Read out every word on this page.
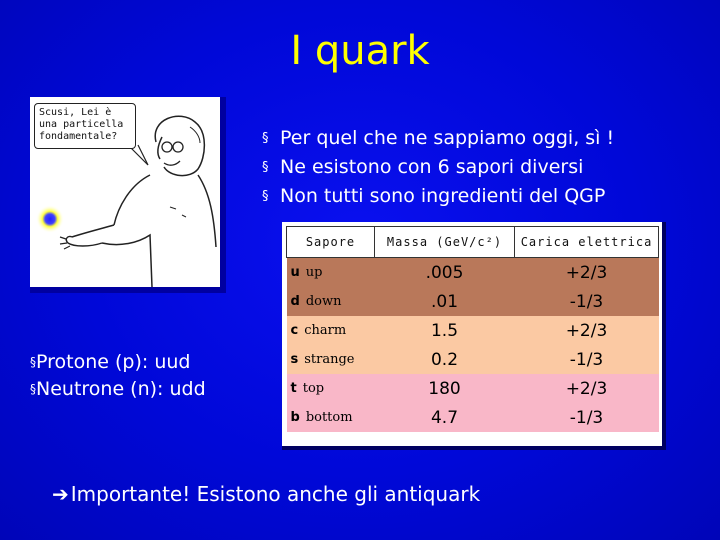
I quark
Scusi, Lei è una particella fondamentale?	§ Per quel che ne sappiamo oggi, sì !
§ Ne esistono con 6 sapori diversi
§ Non tutti sono ingredienti del QGP
§Protone (p): uud
§Neutrone (n): udd
Sapore	Massa (GeV/c²)	Carica elettrica
u up	.005	+2/3
d down	.01	-1/3
c charm	1.5	+2/3
s strange	0.2	-1/3
t top	180	+2/3
b bottom	4.7	-1/3
➔ Importante! Esistono anche gli antiquark
